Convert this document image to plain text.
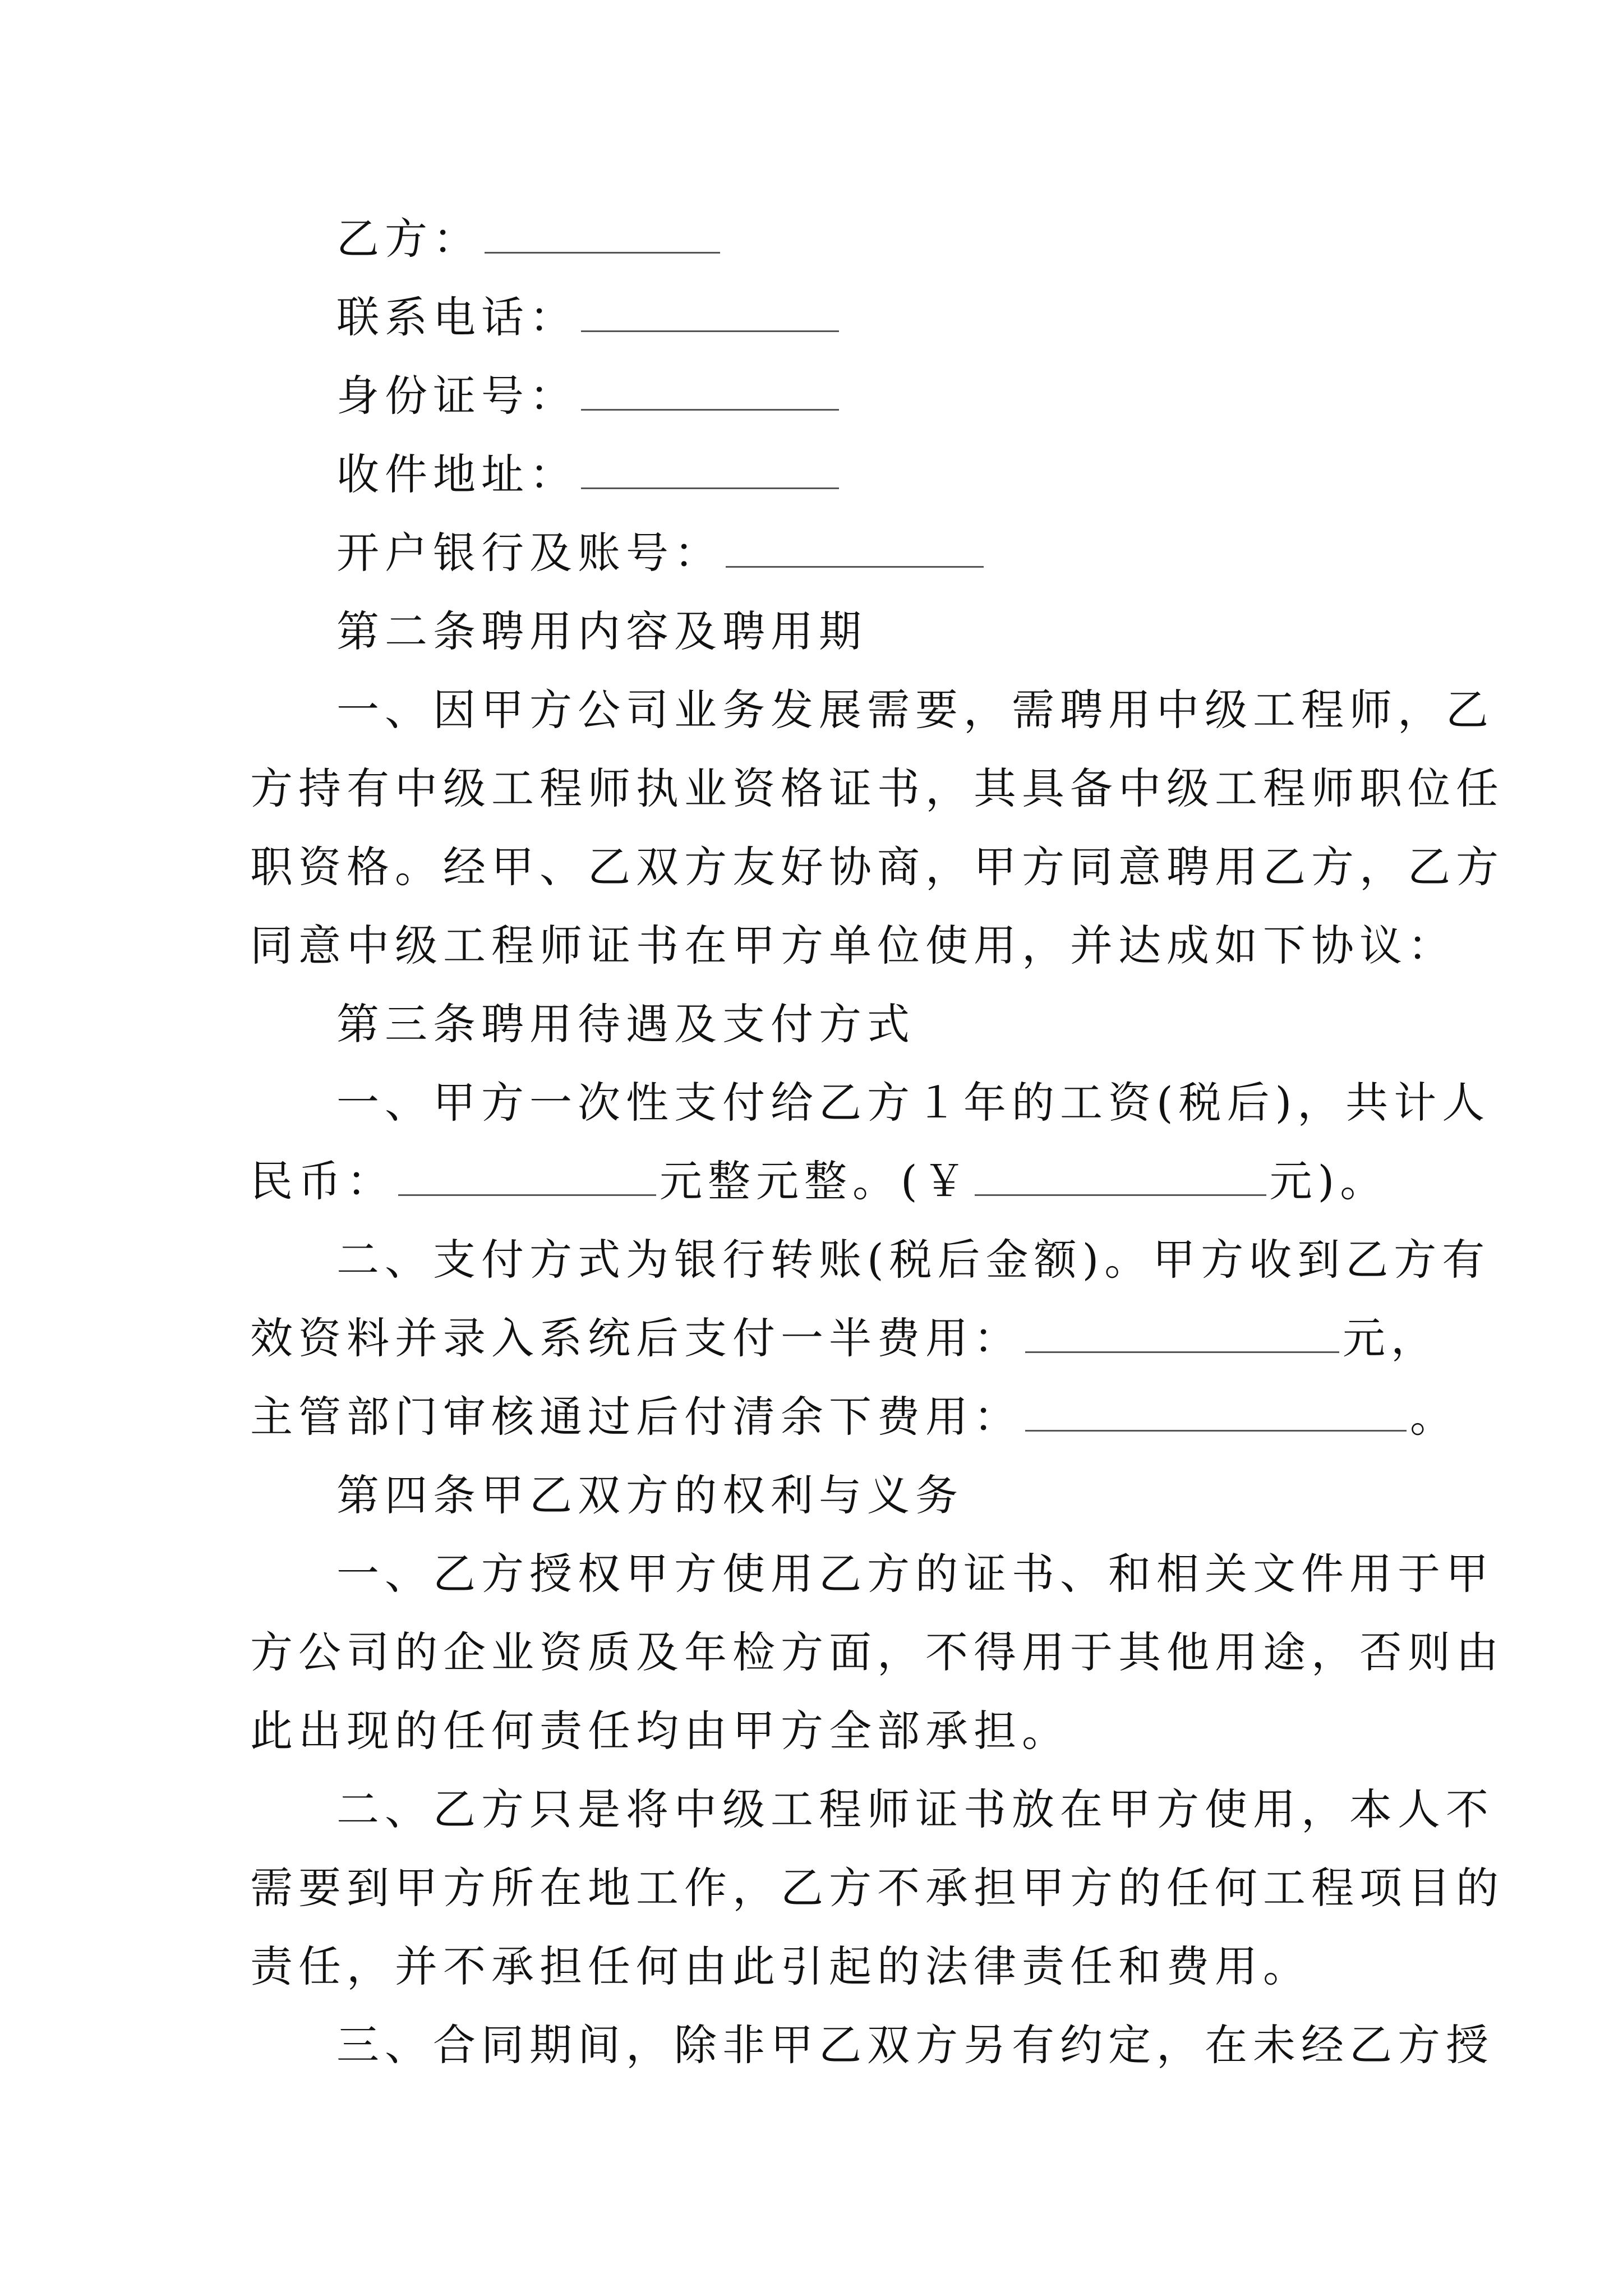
乙方：
联系电话：
身份证号：
收件地址：
开户银行及账号：
第二条聘用内容及聘用期
一、因甲方公司业务发展需要，需聘用中级工程师，乙
方持有中级工程师执业资格证书，其具备中级工程师职位任
职资格。经甲、乙双方友好协商，甲方同意聘用乙方，乙方
同意中级工程师证书在甲方单位使用，并达成如下协议：
第三条聘用待遇及支付方式
一、甲方一次性支付给乙方１年的工资(税后)，共计人
民币：	元整元整。(￥	元)。
二、支付方式为银行转账(税后金额)。甲方收到乙方有
效资料并录入系统后支付一半费用：	元，
主管部门审核通过后付清余下费用：	。
第四条甲乙双方的权利与义务
一、乙方授权甲方使用乙方的证书、和相关文件用于甲
方公司的企业资质及年检方面，不得用于其他用途，否则由
此出现的任何责任均由甲方全部承担。
二、乙方只是将中级工程师证书放在甲方使用，本人不
需要到甲方所在地工作，乙方不承担甲方的任何工程项目的
责任，并不承担任何由此引起的法律责任和费用。
三、合同期间，除非甲乙双方另有约定，在未经乙方授
